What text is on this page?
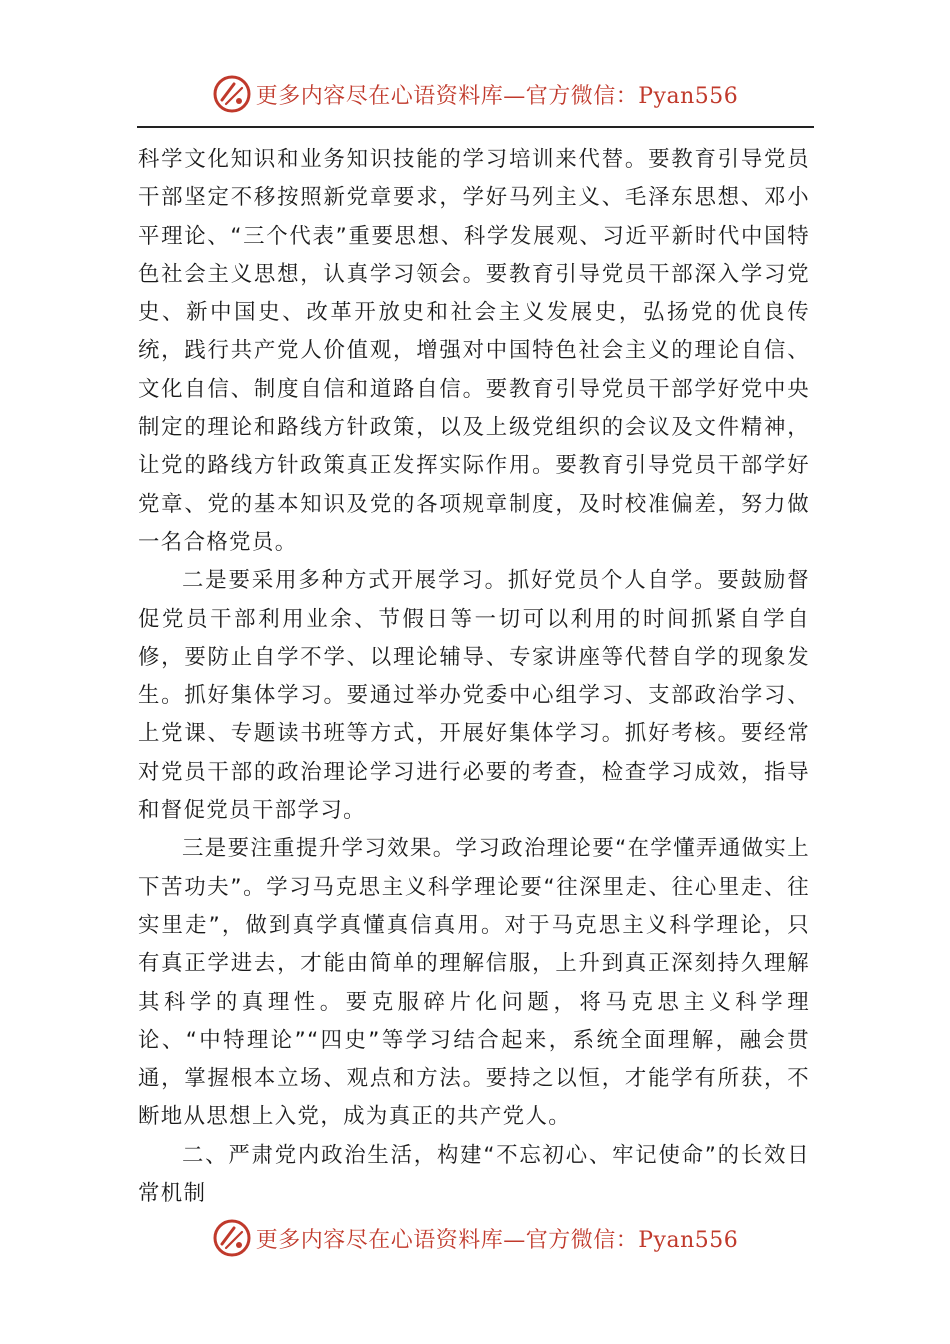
更多内容尽在心语资料库—官方微信：Pyan556

科学文化知识和业务知识技能的学习培训来代替。要教育引导党员干部坚定不移按照新党章要求，学好马列主义、毛泽东思想、邓小平理论、“三个代表”重要思想、科学发展观、习近平新时代中国特色社会主义思想，认真学习领会。要教育引导党员干部深入学习党史、新中国史、改革开放史和社会主义发展史，弘扬党的优良传统，践行共产党人价值观，增强对中国特色社会主义的理论自信、文化自信、制度自信和道路自信。要教育引导党员干部学好党中央制定的理论和路线方针政策，以及上级党组织的会议及文件精神，让党的路线方针政策真正发挥实际作用。要教育引导党员干部学好党章、党的基本知识及党的各项规章制度，及时校准偏差，努力做一名合格党员。

二是要采用多种方式开展学习。抓好党员个人自学。要鼓励督促党员干部利用业余、节假日等一切可以利用的时间抓紧自学自修，要防止自学不学、以理论辅导、专家讲座等代替自学的现象发生。抓好集体学习。要通过举办党委中心组学习、支部政治学习、上党课、专题读书班等方式，开展好集体学习。抓好考核。要经常对党员干部的政治理论学习进行必要的考查，检查学习成效，指导和督促党员干部学习。

三是要注重提升学习效果。学习政治理论要“在学懂弄通做实上下苦功夫”。学习马克思主义科学理论要“往深里走、往心里走、往实里走”，做到真学真懂真信真用。对于马克思主义科学理论，只有真正学进去，才能由简单的理解信服，上升到真正深刻持久理解其科学的真理性。要克服碎片化问题，将马克思主义科学理论、“中特理论”“四史”等学习结合起来，系统全面理解，融会贯通，掌握根本立场、观点和方法。要持之以恒，才能学有所获，不断地从思想上入党，成为真正的共产党人。

二、严肃党内政治生活，构建“不忘初心、牢记使命”的长效日常机制

更多内容尽在心语资料库—官方微信：Pyan556
